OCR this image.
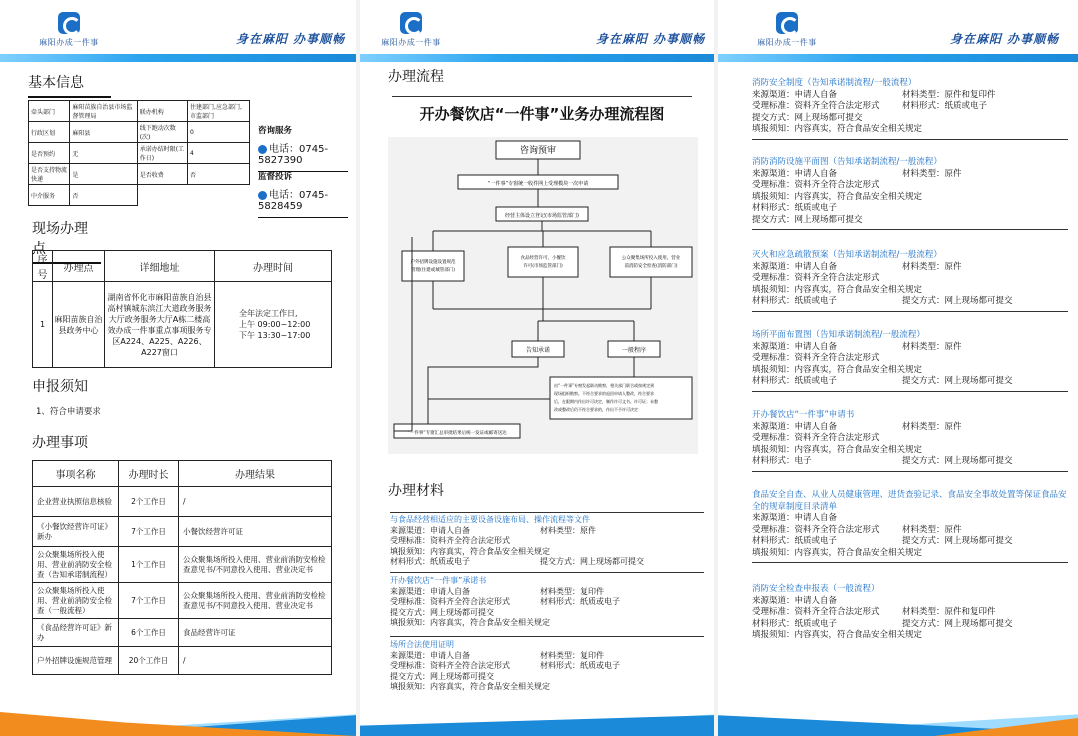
麻阳办成一件事	身在麻阳 办事顺畅
基本信息
牵头部门	麻阳苗族自治县市场监督管理局	联办机构	住建部门,应急部门,市监部门
行政区划	麻阳县	线下跑动次数(次)	0
是否预约	无	承诺办结时限(工作日)	4
是否支持物流快递	是	是否收费	否
中介服务	否		
咨询服务
电话：0745-5827390
监督投诉
电话：0745-5828459
现场办理点
序号	办理点	详细地址	办理时间
1	麻阳苗族自治县政务中心	湖南省怀化市麻阳苗族自治县高村镇城东滨江大道政务服务大厅政务服务大厅A栋二楼高效办成一件事重点事项服务专区A224、A225、A226、A227窗口	全年法定工作日,
上午 09:00~12:00
下午 13:30~17:00
申报须知
1、符合申请要求
办理事项
事项名称	办理时长	办理结果
企业营业执照信息核验	2个工作日	/
《小餐饮经营许可证》新办	7个工作日	小餐饮经营许可证
公众聚集场所投入使用、营业前消防安全检查（告知承诺制流程）	1个工作日	公众聚集场所投入使用、营业前消防安检检查意见书/不同意投入使用、营业决定书
公众聚集场所投入使用、营业前消防安全检查（一般流程）	7个工作日	公众聚集场所投入使用、营业前消防安检检查意见书/不同意投入使用、营业决定书
《食品经营许可证》新办	6个工作日	食品经营许可证
户外招牌设施规范管理	20个工作日	/
麻阳办成一件事	身在麻阳 办事顺畅
办理流程
开办餐饮店“一件事”业务办理流程图
咨询预审
“一件事”专窗统一收件网上受理模块一次申请
经营主体设立登记(市场监管部门)
户外招牌设施设置规范
管理(住建或城管部门)
食品经营许可、小餐饮
许可(市场监管部门)
公众聚集场所投入使用、营业
前消防安全检查(消防部门)
告知承诺	一般程序
由“一件事”专窗发起联动勘察，相关部门联合或按规定到
现场组织勘察。不符合要求的退回申请人整改，符合要求
后，在限期内作出许可决定，制作许可文书、许可证；未整
改或整改后仍不符合要求的，作出不予许可决定
“一件事”专窗汇总审批结果后统一发证或邮寄送达
办理材料
与食品经营相适应的主要设备设施布局、操作流程等文件
来源渠道：申请人自备	材料类型：原件
受理标准：资料齐全符合法定形式
填报须知：内容真实，符合食品安全相关规定
材料形式：纸质或电子	提交方式：网上现场都可提交
开办餐饮店“一件事”承诺书
来源渠道：申请人自备	材料类型：复印件
受理标准：资料齐全符合法定形式	材料形式：纸质或电子
提交方式：网上现场都可提交
填报须知：内容真实，符合食品安全相关规定
场所合法使用证明
来源渠道：申请人自备	材料类型：复印件
受理标准：资料齐全符合法定形式	材料形式：纸质或电子
提交方式：网上现场都可提交
填报须知：内容真实，符合食品安全相关规定
麻阳办成一件事	身在麻阳 办事顺畅
消防安全制度（告知承诺制流程/一般流程）
来源渠道：申请人自备	材料类型：原件和复印件
受理标准：资料齐全符合法定形式	材料形式：纸质或电子
提交方式：网上现场都可提交
填报须知：内容真实，符合食品安全相关规定
消防消防设施平面图（告知承诺制流程/一般流程）
来源渠道：申请人自备	材料类型：原件
受理标准：资料齐全符合法定形式
填报须知：内容真实，符合食品安全相关规定
材料形式：纸质或电子
提交方式：网上现场都可提交
灭火和应急疏散预案（告知承诺制流程/一般流程）
来源渠道：申请人自备	材料类型：原件
受理标准：资料齐全符合法定形式
填报须知：内容真实，符合食品安全相关规定
材料形式：纸质或电子	提交方式：网上现场都可提交
场所平面布置图（告知承诺制流程/一般流程）
来源渠道：申请人自备	材料类型：原件
受理标准：资料齐全符合法定形式
填报须知：内容真实，符合食品安全相关规定
材料形式：纸质或电子	提交方式：网上现场都可提交
开办餐饮店“一件事”申请书
来源渠道：申请人自备	材料类型：原件
受理标准：资料齐全符合法定形式
填报须知：内容真实，符合食品安全相关规定
材料形式：电子	提交方式：网上现场都可提交
食品安全自查、从业人员健康管理、进货查验记录、食品安全事故处置等保证食品安全的规章制度目录清单
来源渠道：申请人自备
受理标准：资料齐全符合法定形式	材料类型：原件
材料形式：纸质或电子	提交方式：网上现场都可提交
填报须知：内容真实，符合食品安全相关规定
消防安全检查申报表（一般流程）
来源渠道：申请人自备
受理标准：资料齐全符合法定形式	材料类型：原件和复印件
材料形式：纸质或电子	提交方式：网上现场都可提交
填报须知：内容真实，符合食品安全相关规定
